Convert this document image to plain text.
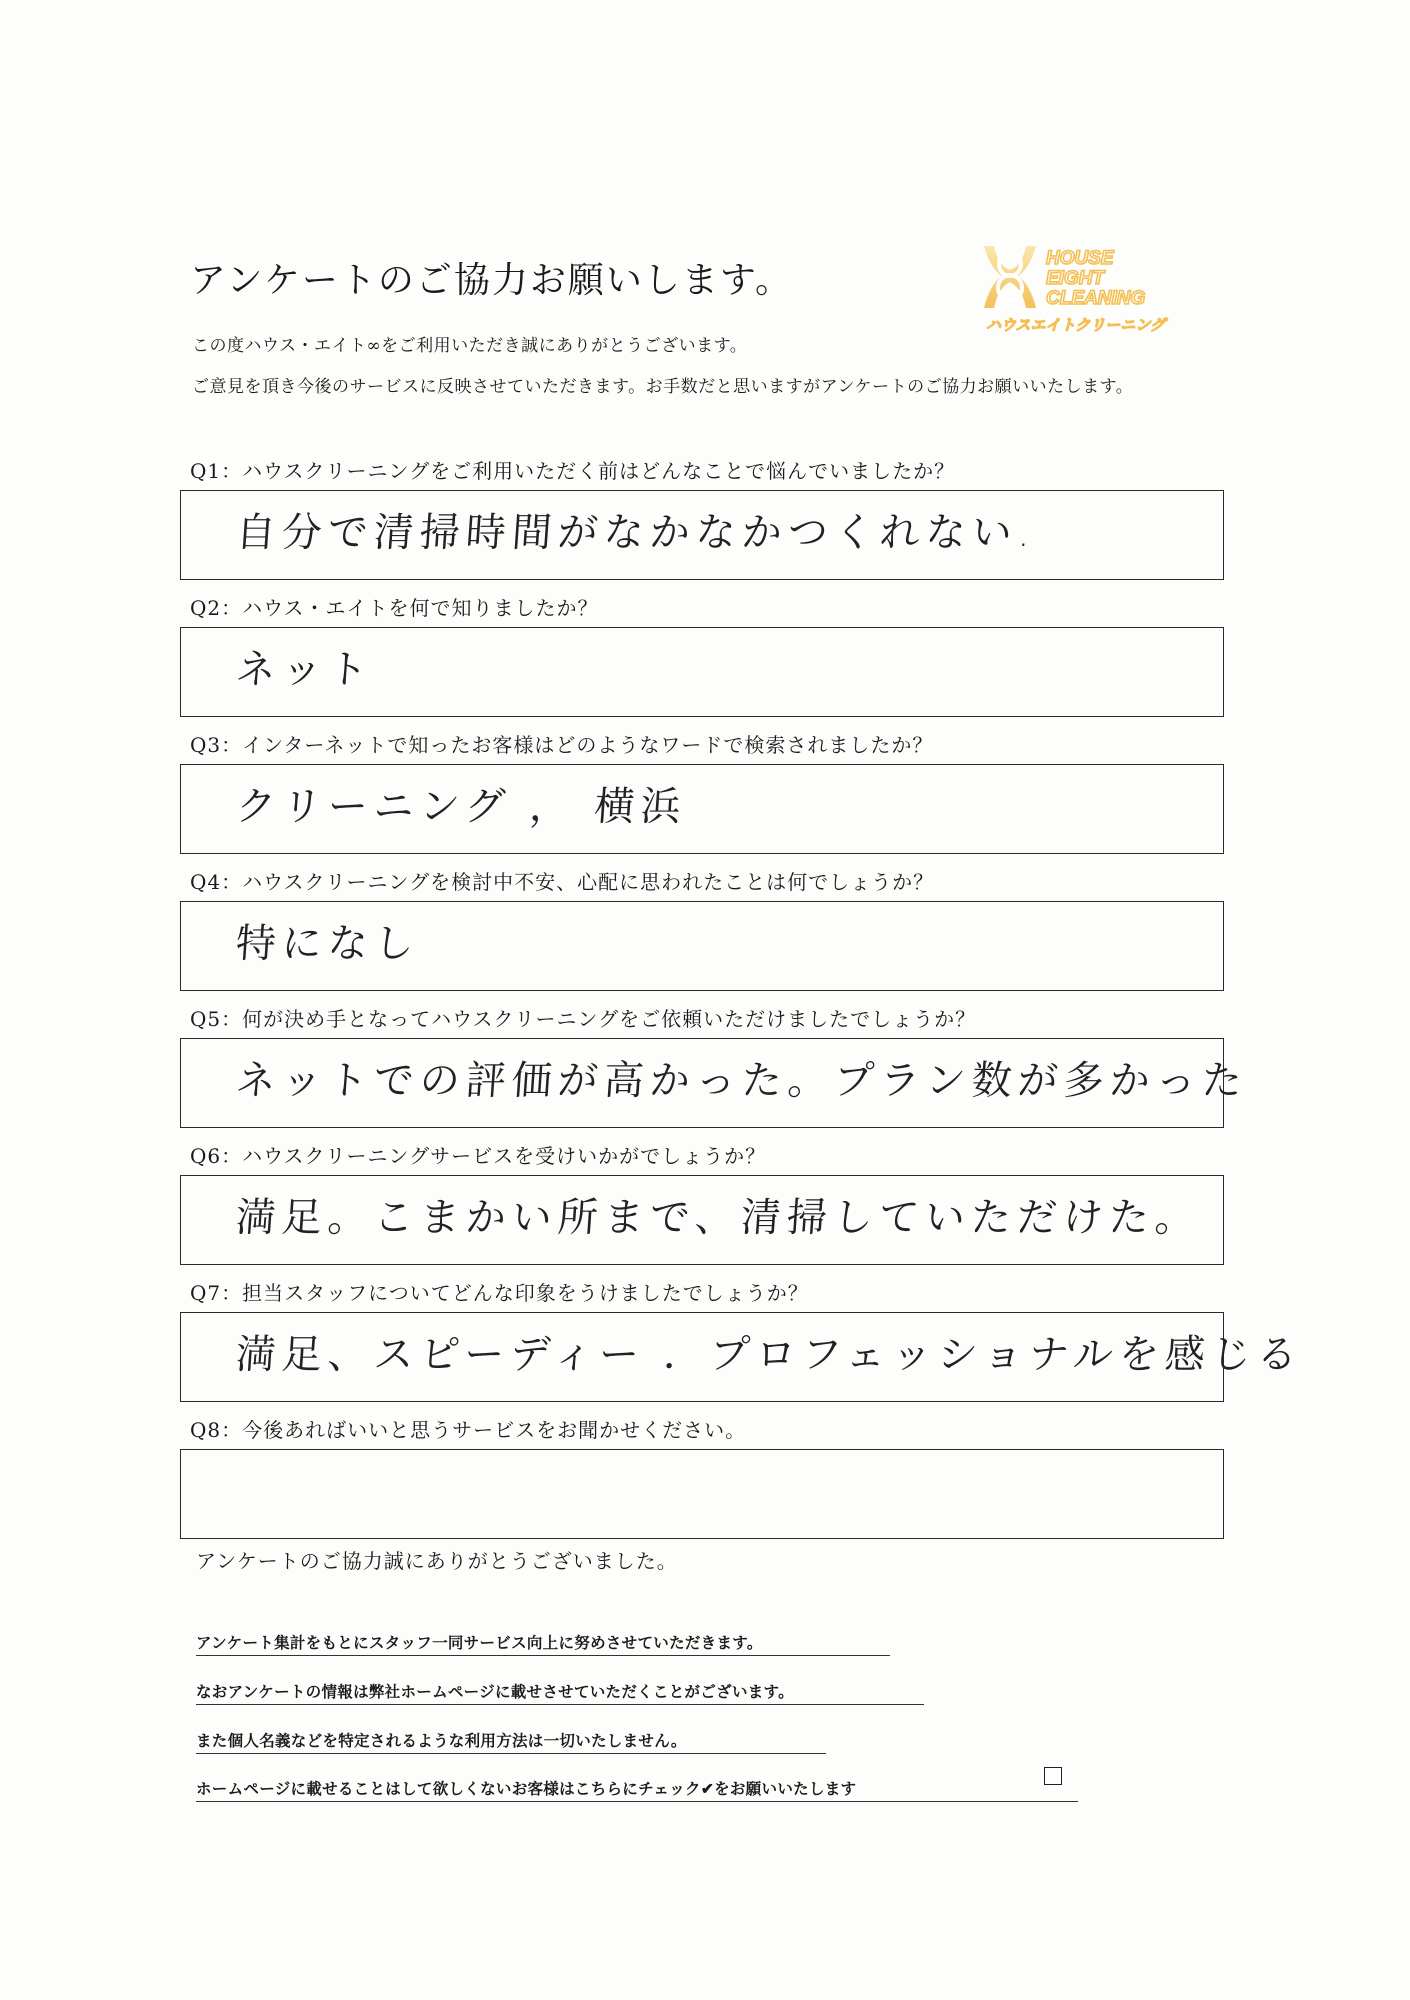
アンケートのご協力お願いします。
HOUSE
EIGHT
CLEANING
ハウスエイトクリーニング
この度ハウス・エイト∞をご利用いただき誠にありがとうございます。
ご意見を頂き今後のサービスに反映させていただきます。お手数だと思いますがアンケートのご協力お願いいたします。
Q1：ハウスクリーニングをご利用いただく前はどんなことで悩んでいましたか？
自分で清掃時間がなかなかつくれない.
Q2：ハウス・エイトを何で知りましたか？
ネット
Q3：インターネットで知ったお客様はどのようなワードで検索されましたか？
クリーニング ， 横浜
Q4：ハウスクリーニングを検討中不安、心配に思われたことは何でしょうか？
特になし
Q5：何が決め手となってハウスクリーニングをご依頼いただけましたでしょうか？
ネットでの評価が高かった。プラン数が多かった
Q6：ハウスクリーニングサービスを受けいかがでしょうか？
満足。こまかい所まで、清掃していただけた。
Q7：担当スタッフについてどんな印象をうけましたでしょうか？
満足、スピーディー ．プロフェッショナルを感じる
Q8：今後あればいいと思うサービスをお聞かせください。
アンケートのご協力誠にありがとうございました。
アンケート集計をもとにスタッフ一同サービス向上に努めさせていただきます。
なおアンケートの情報は弊社ホームページに載せさせていただくことがございます。
また個人名義などを特定されるような利用方法は一切いたしません。
ホームページに載せることはして欲しくないお客様はこちらにチェック✔をお願いいたします
